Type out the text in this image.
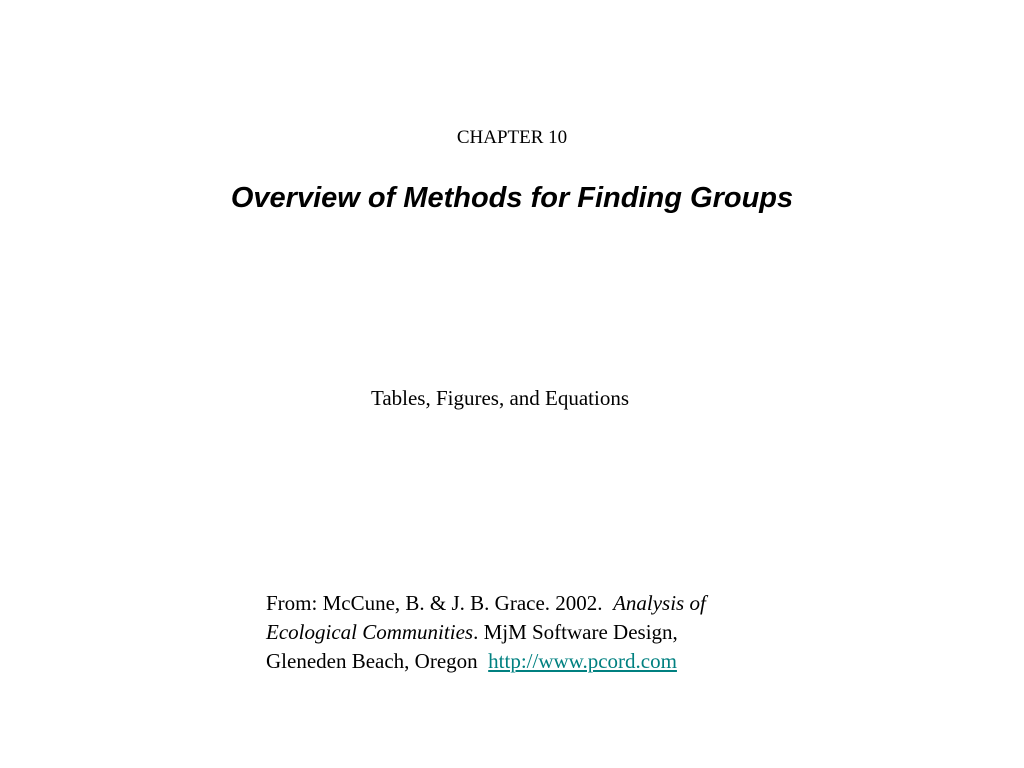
CHAPTER 10
Overview of Methods for Finding Groups
Tables, Figures, and Equations
From: McCune, B. & J. B. Grace. 2002. Analysis of
Ecological Communities. MjM Software Design,
Gleneden Beach, Oregon http://www.pcord.com
